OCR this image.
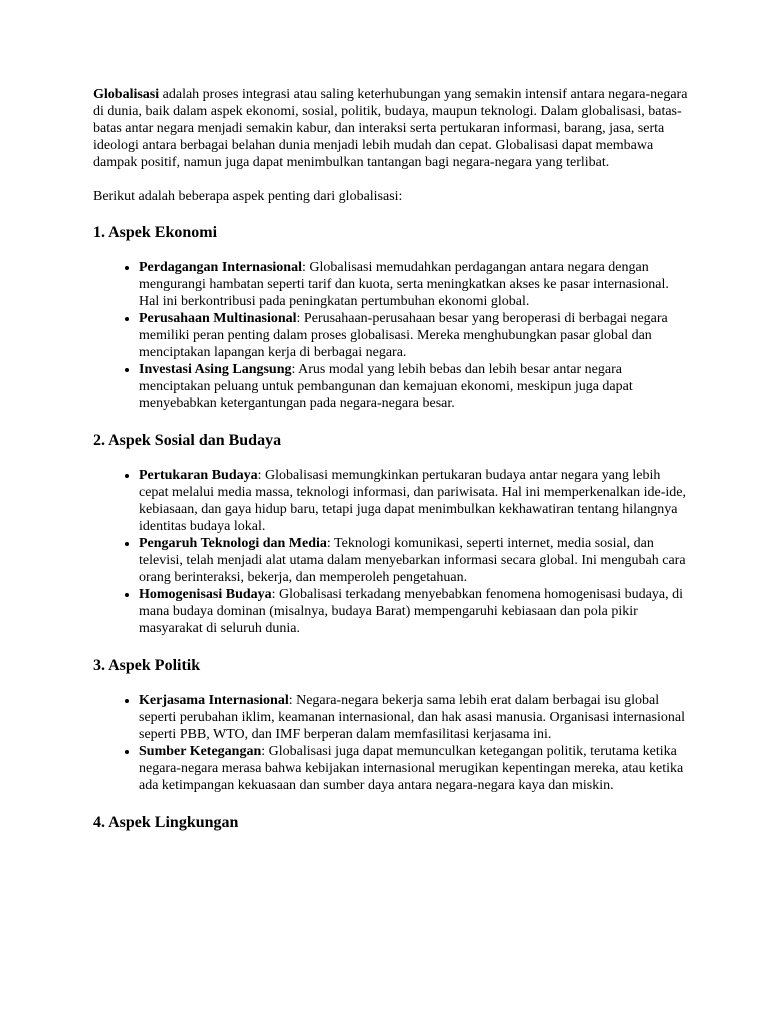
Globalisasi adalah proses integrasi atau saling keterhubungan yang semakin intensif antara negara-negara di dunia, baik dalam aspek ekonomi, sosial, politik, budaya, maupun teknologi. Dalam globalisasi, batas-batas antar negara menjadi semakin kabur, dan interaksi serta pertukaran informasi, barang, jasa, serta ideologi antara berbagai belahan dunia menjadi lebih mudah dan cepat. Globalisasi dapat membawa dampak positif, namun juga dapat menimbulkan tantangan bagi negara-negara yang terlibat.

Berikut adalah beberapa aspek penting dari globalisasi:

1. Aspek Ekonomi
• Perdagangan Internasional: Globalisasi memudahkan perdagangan antara negara dengan mengurangi hambatan seperti tarif dan kuota, serta meningkatkan akses ke pasar internasional. Hal ini berkontribusi pada peningkatan pertumbuhan ekonomi global.
• Perusahaan Multinasional: Perusahaan-perusahaan besar yang beroperasi di berbagai negara memiliki peran penting dalam proses globalisasi. Mereka menghubungkan pasar global dan menciptakan lapangan kerja di berbagai negara.
• Investasi Asing Langsung: Arus modal yang lebih bebas dan lebih besar antar negara menciptakan peluang untuk pembangunan dan kemajuan ekonomi, meskipun juga dapat menyebabkan ketergantungan pada negara-negara besar.
2. Aspek Sosial dan Budaya
• Pertukaran Budaya: Globalisasi memungkinkan pertukaran budaya antar negara yang lebih cepat melalui media massa, teknologi informasi, dan pariwisata. Hal ini memperkenalkan ide-ide, kebiasaan, dan gaya hidup baru, tetapi juga dapat menimbulkan kekhawatiran tentang hilangnya identitas budaya lokal.
• Pengaruh Teknologi dan Media: Teknologi komunikasi, seperti internet, media sosial, dan televisi, telah menjadi alat utama dalam menyebarkan informasi secara global. Ini mengubah cara orang berinteraksi, bekerja, dan memperoleh pengetahuan.
• Homogenisasi Budaya: Globalisasi terkadang menyebabkan fenomena homogenisasi budaya, di mana budaya dominan (misalnya, budaya Barat) mempengaruhi kebiasaan dan pola pikir masyarakat di seluruh dunia.
3. Aspek Politik
• Kerjasama Internasional: Negara-negara bekerja sama lebih erat dalam berbagai isu global seperti perubahan iklim, keamanan internasional, dan hak asasi manusia. Organisasi internasional seperti PBB, WTO, dan IMF berperan dalam memfasilitasi kerjasama ini.
• Sumber Ketegangan: Globalisasi juga dapat memunculkan ketegangan politik, terutama ketika negara-negara merasa bahwa kebijakan internasional merugikan kepentingan mereka, atau ketika ada ketimpangan kekuasaan dan sumber daya antara negara-negara kaya dan miskin.
4. Aspek Lingkungan
